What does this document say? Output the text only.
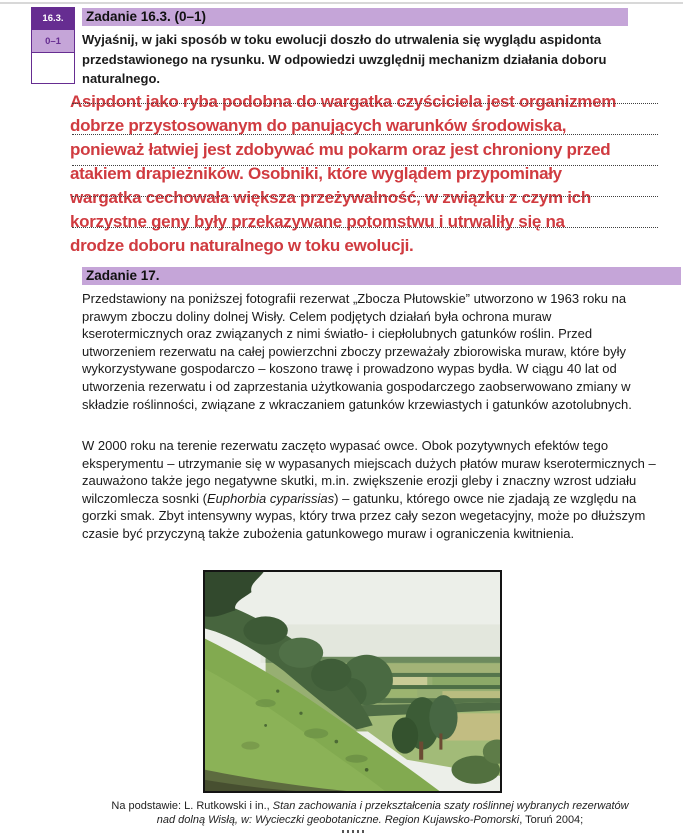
16.3.
0–1
Zadanie 16.3. (0–1)
Wyjaśnij, w jaki sposób w toku ewolucji doszło do utrwalenia się wyglądu aspidonta przedstawionego na rysunku. W odpowiedzi uwzględnij mechanizm działania doboru naturalnego.
Asipdont jako ryba podobna do wargatka czyściciela jest organizmem
dobrze przystosowanym do panujących warunków środowiska,
ponieważ łatwiej jest zdobywać mu pokarm oraz jest chroniony przed
atakiem drapieżników. Osobniki, które wyglądem przypominały
wargatka cechowała większa przeżywalność, w związku z czym ich
korzystne geny były przekazywane potomstwu i utrwaliły się na
drodze doboru naturalnego w toku ewolucji.
Zadanie 17.
Przedstawiony na poniższej fotografii rezerwat „Zbocza Płutowskie” utworzono w 1963 roku na prawym zboczu doliny dolnej Wisły. Celem podjętych działań była ochrona muraw kserotermicznych oraz związanych z nimi światło- i ciepłolubnych gatunków roślin. Przed utworzeniem rezerwatu na całej powierzchni zboczy przeważały zbiorowiska muraw, które były wykorzystywane gospodarczo – koszono trawę i prowadzono wypas bydła. W ciągu 40 lat od utworzenia rezerwatu i od zaprzestania użytkowania gospodarczego zaobserwowano zmiany w składzie roślinności, związane z wkraczaniem gatunków krzewiastych i gatunków azotolubnych.
W 2000 roku na terenie rezerwatu zaczęto wypasać owce. Obok pozytywnych efektów tego eksperymentu – utrzymanie się w wypasanych miejscach dużych płatów muraw kserotermicznych – zauważono także jego negatywne skutki, m.in. zwiększenie erozji gleby i znaczny wzrost udziału wilczomlecza sosnki (Euphorbia cyparissias) – gatunku, którego owce nie zjadają ze względu na gorzki smak. Zbyt intensywny wypas, który trwa przez cały sezon wegetacyjny, może po dłuższym czasie być przyczyną także zubożenia gatunkowego muraw i ograniczenia kwitnienia.
Na podstawie: L. Rutkowski i in., Stan zachowania i przekształcenia szaty roślinnej wybranych rezerwatów
nad dolną Wisłą, w: Wycieczki geobotaniczne. Region Kujawsko-Pomorski, Toruń 2004;
